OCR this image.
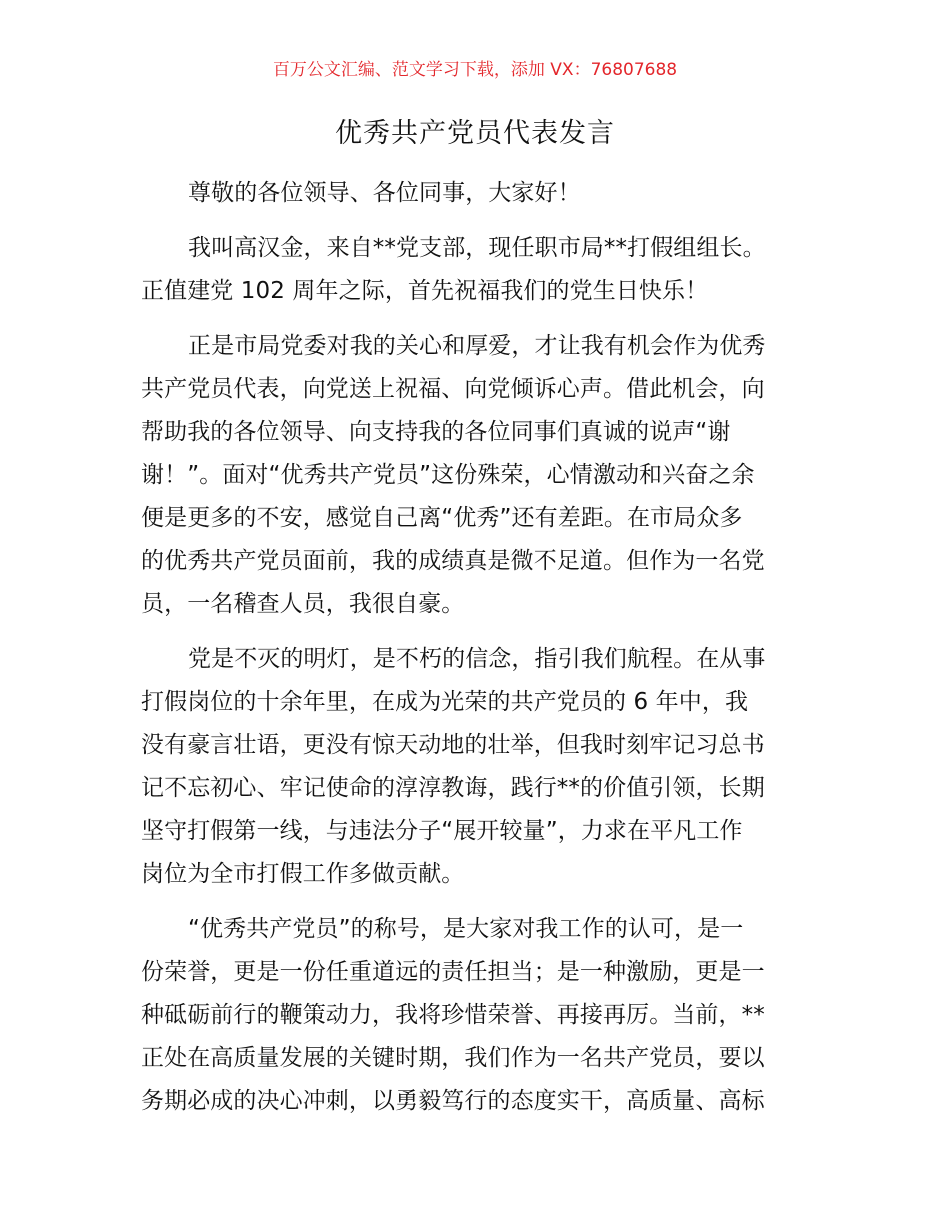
百万公文汇编、范文学习下载，添加 VX：76807688
优秀共产党员代表发言

尊敬的各位领导、各位同事，大家好！

我叫高汉金，来自**党支部，现任职市局**打假组组长。
正值建党 102 周年之际，首先祝福我们的党生日快乐！

正是市局党委对我的关心和厚爱，才让我有机会作为优秀
共产党员代表，向党送上祝福、向党倾诉心声。借此机会，向
帮助我的各位领导、向支持我的各位同事们真诚的说声“谢
谢！”。面对“优秀共产党员”这份殊荣，心情激动和兴奋之余
便是更多的不安，感觉自己离“优秀”还有差距。在市局众多
的优秀共产党员面前，我的成绩真是微不足道。但作为一名党
员，一名稽查人员，我很自豪。

党是不灭的明灯，是不朽的信念，指引我们航程。在从事
打假岗位的十余年里，在成为光荣的共产党员的 6 年中，我
没有豪言壮语，更没有惊天动地的壮举，但我时刻牢记习总书
记不忘初心、牢记使命的淳淳教诲，践行**的价值引领，长期
坚守打假第一线，与违法分子“展开较量”，力求在平凡工作
岗位为全市打假工作多做贡献。

“优秀共产党员”的称号，是大家对我工作的认可，是一
份荣誉，更是一份任重道远的责任担当；是一种激励，更是一
种砥砺前行的鞭策动力，我将珍惜荣誉、再接再厉。当前，**
正处在高质量发展的关键时期，我们作为一名共产党员，要以
务期必成的决心冲刺，以勇毅笃行的态度实干，高质量、高标
